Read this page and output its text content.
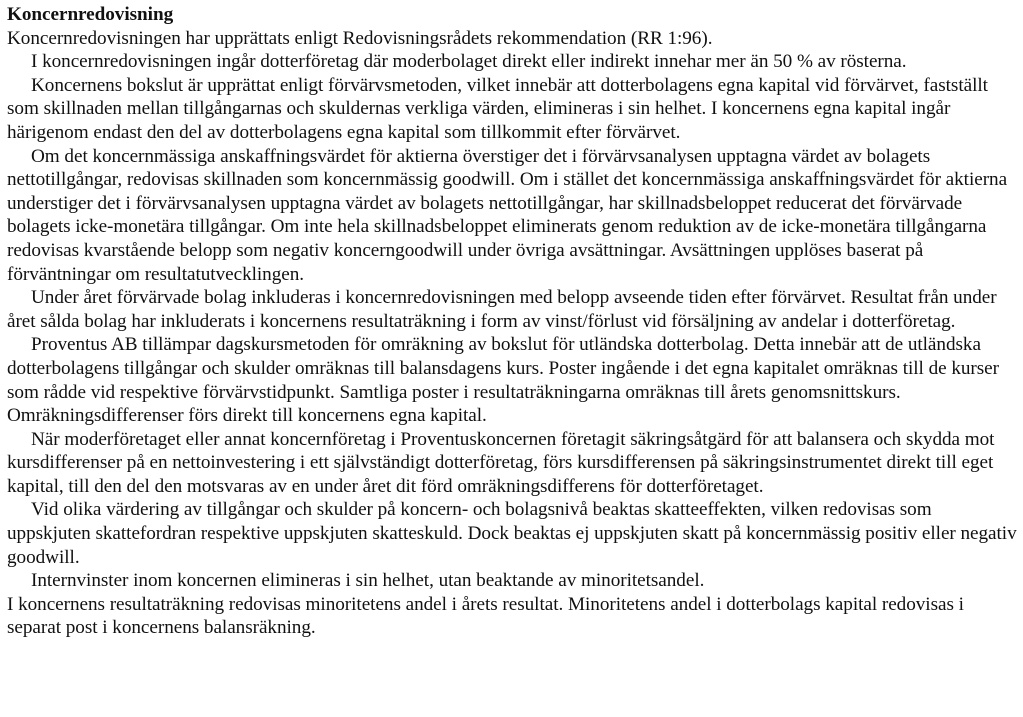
Koncernredovisning

Koncernredovisningen har upprättats enligt Redovisningsrådets rekommendation (RR 1:96).

I koncernredovisningen ingår dotterföretag där moderbolaget direkt eller indirekt innehar mer än 50 % av rösterna.

Koncernens bokslut är upprättat enligt förvärvsmetoden, vilket innebär att dotterbolagens egna kapital vid förvärvet, fastställt som skillnaden mellan tillgångarnas och skuldernas verkliga värden, elimineras i sin helhet. I koncernens egna kapital ingår härigenom endast den del av dotterbolagens egna kapital som tillkommit efter förvärvet.

Om det koncernmässiga anskaffningsvärdet för aktierna överstiger det i förvärvsanalysen upptagna värdet av bolagets nettotillgångar, redovisas skillnaden som koncernmässig goodwill. Om i stället det koncernmässiga anskaffningsvärdet för aktierna understiger det i förvärvsanalysen upptagna värdet av bolagets nettotillgångar, har skillnadsbeloppet reducerat det förvärvade bolagets icke-monetära tillgångar. Om inte hela skillnadsbeloppet eliminerats genom reduktion av de icke-monetära tillgångarna redovisas kvarstående belopp som negativ koncerngoodwill under övriga avsättningar. Avsättningen upplöses baserat på förväntningar om resultatutvecklingen.

Under året förvärvade bolag inkluderas i koncernredovisningen med belopp avseende tiden efter förvärvet. Resultat från under året sålda bolag har inkluderats i koncernens resultaträkning i form av vinst/förlust vid försäljning av andelar i dotterföretag.

Proventus AB tillämpar dagskursmetoden för omräkning av bokslut för utländska dotterbolag. Detta innebär att de utländska dotterbolagens tillgångar och skulder omräknas till balansdagens kurs. Poster ingående i det egna kapitalet omräknas till de kurser som rådde vid respektive förvärvstidpunkt. Samtliga poster i resultaträkningarna omräknas till årets genomsnittskurs. Omräkningsdifferenser förs direkt till koncernens egna kapital.

När moderföretaget eller annat koncernföretag i Proventuskoncernen företagit säkringsåtgärd för att balansera och skydda mot kursdifferenser på en nettoinvestering i ett självständigt dotterföretag, förs kursdifferensen på säkringsinstrumentet direkt till eget kapital, till den del den motsvaras av en under året dit förd omräkningsdifferens för dotterföretaget.

Vid olika värdering av tillgångar och skulder på koncern- och bolagsnivå beaktas skatteeffekten, vilken redovisas som uppskjuten skattefordran respektive uppskjuten skatteskuld. Dock beaktas ej uppskjuten skatt på koncernmässig positiv eller negativ goodwill.

Internvinster inom koncernen elimineras i sin helhet, utan beaktande av minoritetsandel.

I koncernens resultaträkning redovisas minoritetens andel i årets resultat. Minoritetens andel i dotterbolags kapital redovisas i separat post i koncernens balansräkning.
